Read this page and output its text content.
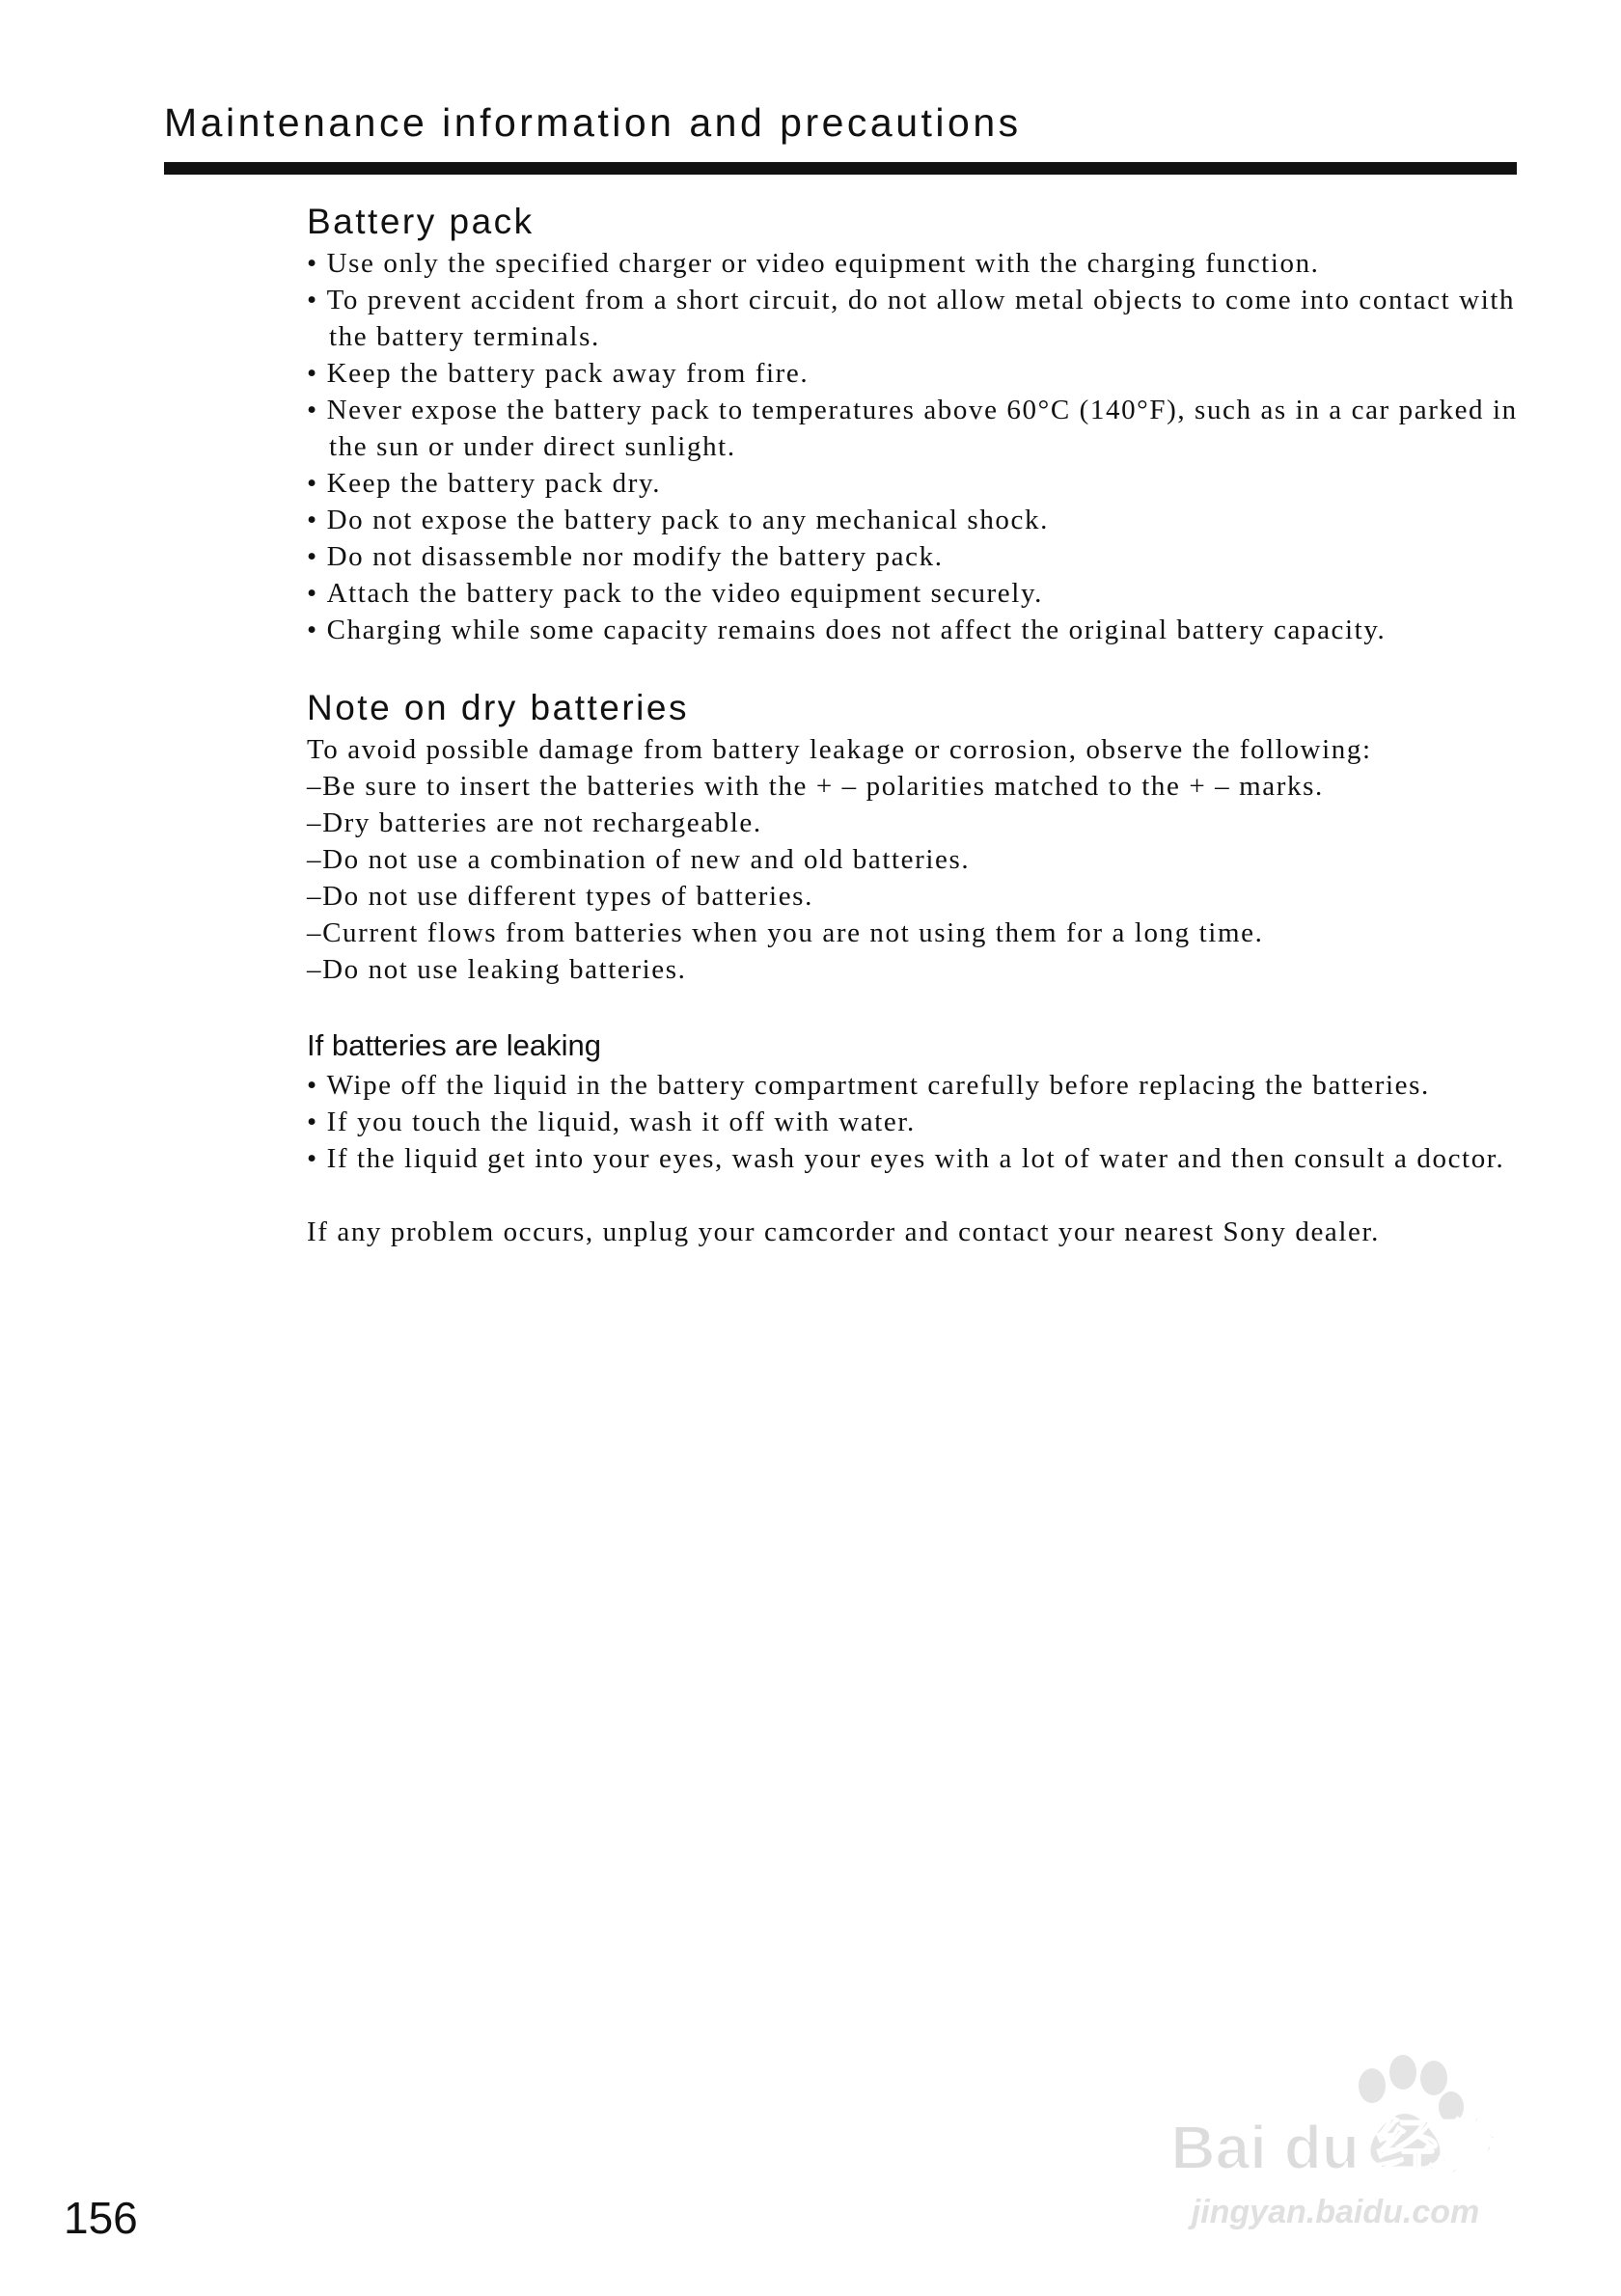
Maintenance information and precautions
Battery pack
• Use only the specified charger or video equipment with the charging function.
• To prevent accident from a short circuit, do not allow metal objects to come into contact with the battery terminals.
• Keep the battery pack away from fire.
• Never expose the battery pack to temperatures above 60°C (140°F), such as in a car parked in the sun or under direct sunlight.
• Keep the battery pack dry.
• Do not expose the battery pack to any mechanical shock.
• Do not disassemble nor modify the battery pack.
• Attach the battery pack to the video equipment securely.
• Charging while some capacity remains does not affect the original battery capacity.
Note on dry batteries

To avoid possible damage from battery leakage or corrosion, observe the following:

– Be sure to insert the batteries with the + – polarities matched to the + – marks.
– Dry batteries are not rechargeable.
– Do not use a combination of new and old batteries.
– Do not use different types of batteries.
– Current flows from batteries when you are not using them for a long time.
– Do not use leaking batteries.
If batteries are leaking
• Wipe off the liquid in the battery compartment carefully before replacing the batteries.
• If you touch the liquid, wash it off with water.
• If the liquid get into your eyes, wash your eyes with a lot of water and then consult a doctor.

If any problem occurs, unplug your camcorder and contact your nearest Sony dealer.

156
Bai du 经验
jingyan.baidu.com
